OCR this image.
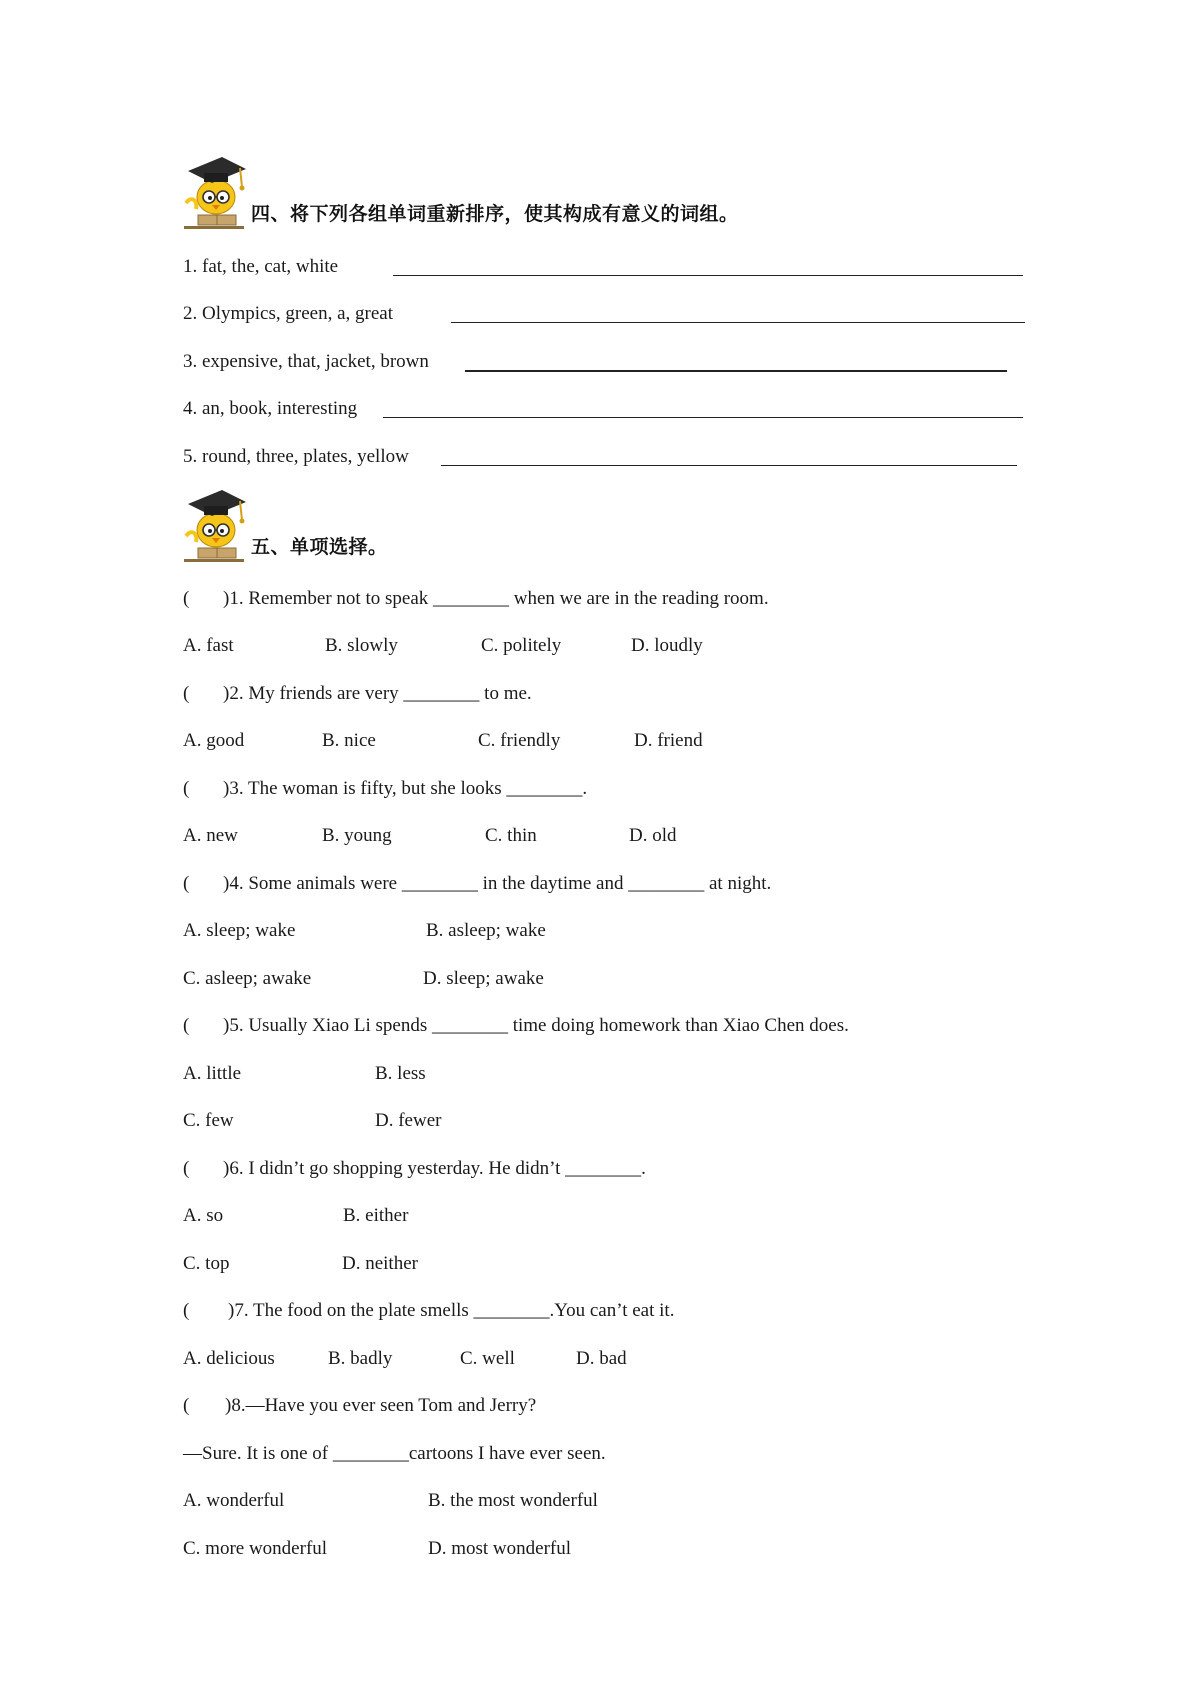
四、将下列各组单词重新排序，使其构成有意义的词组。
1. fat, the, cat, white
2. Olympics, green, a, great
3. expensive, that, jacket, brown
4. an, book, interesting
5. round, three, plates, yellow
五、单项选择。
( )1. Remember not to speak ________ when we are in the reading room.
A. fast	B. slowly	C. politely	D. loudly
( )2. My friends are very ________ to me.
A. good	B. nice	C. friendly	D. friend
( )3. The woman is fifty, but she looks ________.
A. new	B. young	C. thin	D. old
( )4. Some animals were ________ in the daytime and ________ at night.
A. sleep; wake	B. asleep; wake
C. asleep; awake	D. sleep; awake
( )5. Usually Xiao Li spends ________ time doing homework than Xiao Chen does.
A. little	B. less
C. few	D. fewer
( )6. I didn’t go shopping yesterday. He didn’t ________.
A. so	B. either
C. top	D. neither
( )7. The food on the plate smells ________.You can’t eat it.
A. delicious	B. badly	C. well	D. bad
( )8.—Have you ever seen Tom and Jerry?
—Sure. It is one of ________cartoons I have ever seen.
A. wonderful	B. the most wonderful
C. more wonderful	D. most wonderful
